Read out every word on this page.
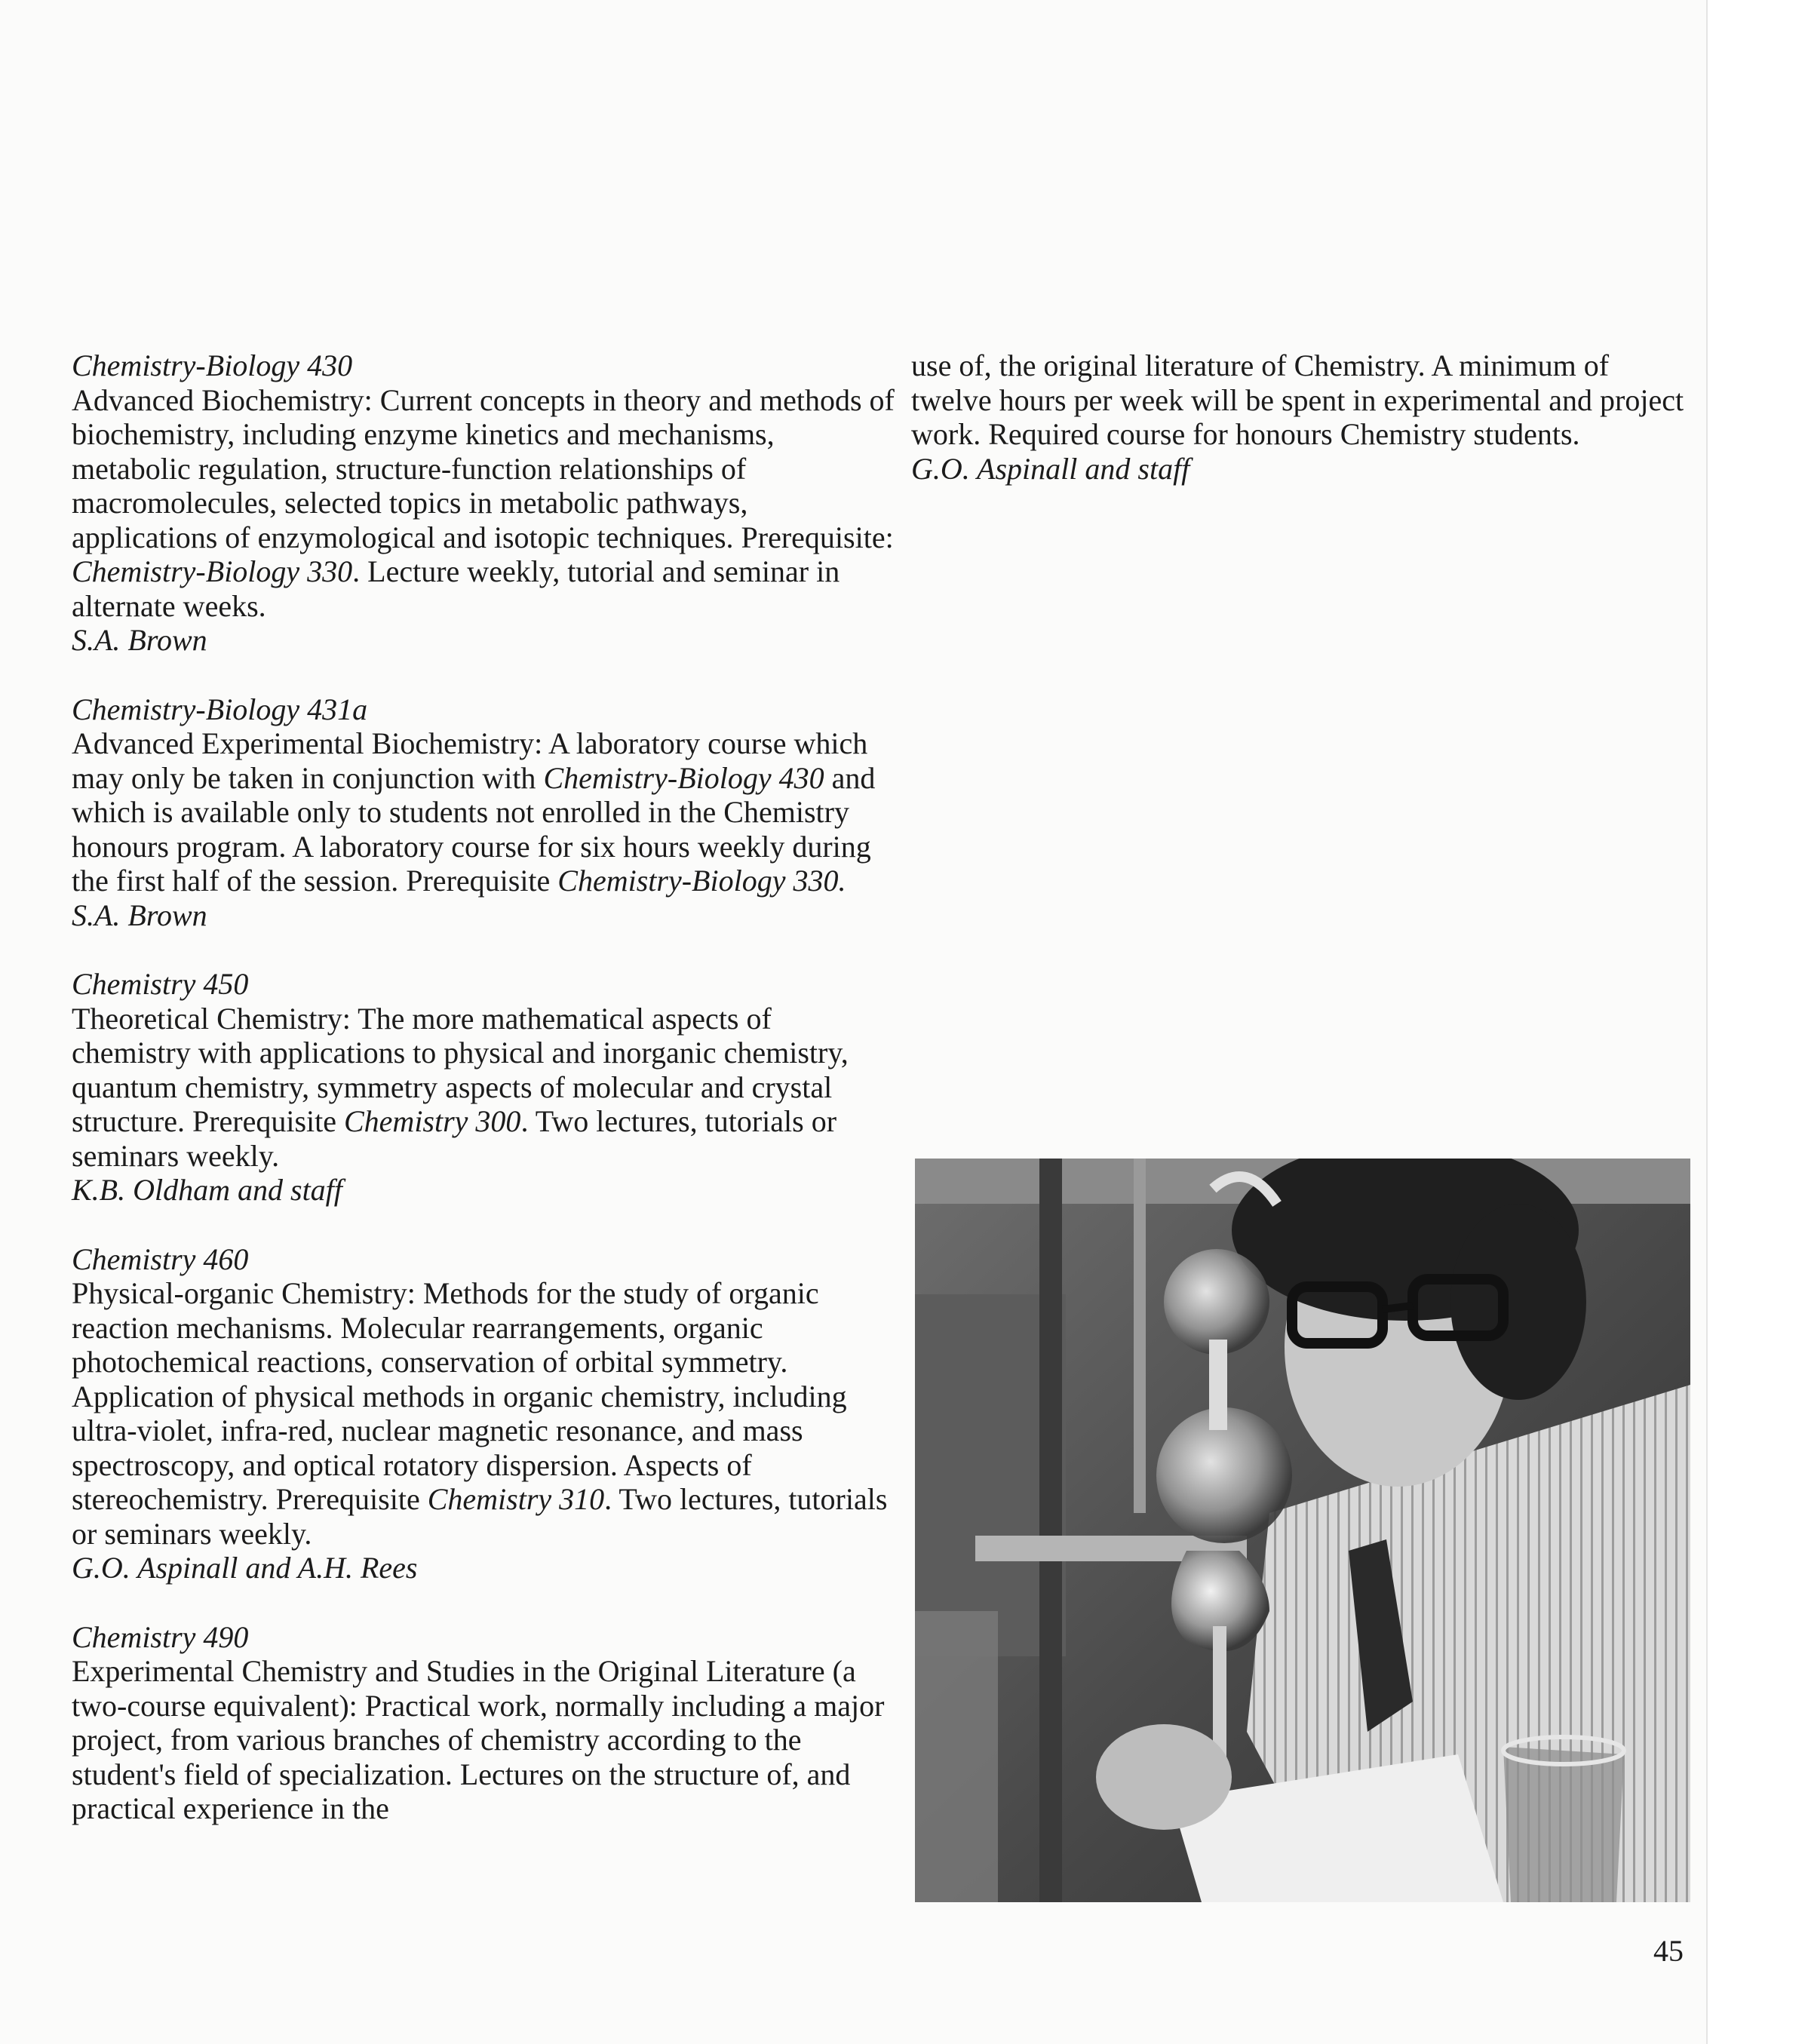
Chemistry-Biology 430

Advanced Biochemistry: Current concepts in theory and methods of biochemistry, including enzyme kinetics and mechanisms, metabolic regulation, structure-function relationships of macromolecules, selected topics in metabolic pathways, applications of enzymological and isotopic techniques. Prerequisite: Chemistry-Biology 330. Lecture weekly, tutorial and seminar in alternate weeks.

S.A. Brown

Chemistry-Biology 431a

Advanced Experimental Biochemistry: A laboratory course which may only be taken in conjunction with Chemistry-Biology 430 and which is available only to students not enrolled in the Chemistry honours program. A laboratory course for six hours weekly during the first half of the session. Prerequisite Chemistry-Biology 330.

S.A. Brown

Chemistry 450

Theoretical Chemistry: The more mathematical aspects of chemistry with applications to physical and inorganic chemistry, quantum chemistry, symmetry aspects of molecular and crystal structure. Prerequisite Chemistry 300. Two lectures, tutorials or seminars weekly.

K.B. Oldham and staff

Chemistry 460

Physical-organic Chemistry: Methods for the study of organic reaction mechanisms. Molecular rearrangements, organic photochemical reactions, conservation of orbital symmetry. Application of physical methods in organic chemistry, including ultra-violet, infra-red, nuclear magnetic resonance, and mass spectroscopy, and optical rotatory dispersion. Aspects of stereochemistry. Prerequisite Chemistry 310. Two lectures, tutorials or seminars weekly.

G.O. Aspinall and A.H. Rees

Chemistry 490

Experimental Chemistry and Studies in the Original Literature (a two-course equivalent): Practical work, normally including a major project, from various branches of chemistry according to the student's field of specialization. Lectures on the structure of, and practical experience in the

use of, the original literature of Chemistry. A minimum of twelve hours per week will be spent in experimental and project work. Required course for honours Chemistry students.

G.O. Aspinall and staff

45
